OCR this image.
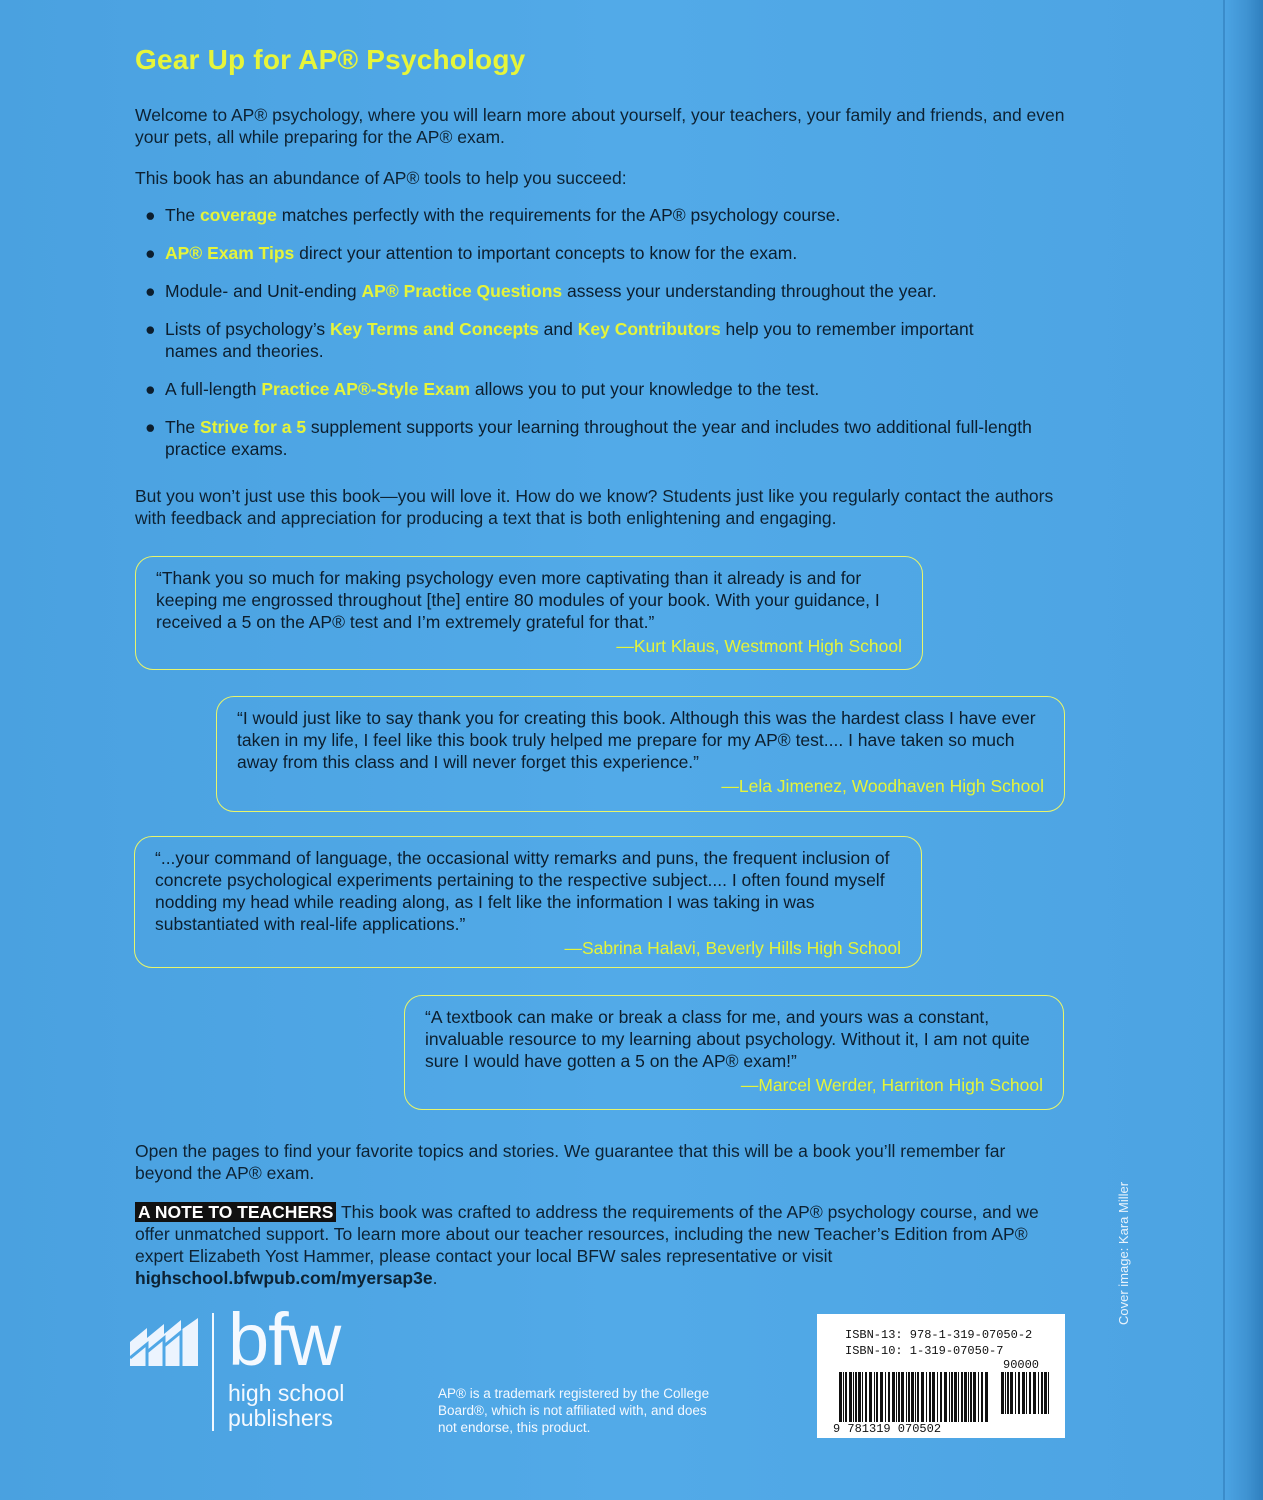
Gear Up for AP® Psychology
Welcome to AP® psychology, where you will learn more about yourself, your teachers, your family and friends, and even your pets, all while preparing for the AP® exam.
This book has an abundance of AP® tools to help you succeed:
● The coverage matches perfectly with the requirements for the AP® psychology course.
● AP® Exam Tips direct your attention to important concepts to know for the exam.
● Module- and Unit-ending AP® Practice Questions assess your understanding throughout the year.
● Lists of psychology’s Key Terms and Concepts and Key Contributors help you to remember important names and theories.
● A full-length Practice AP®-Style Exam allows you to put your knowledge to the test.
● The Strive for a 5 supplement supports your learning throughout the year and includes two additional full-length practice exams.
But you won’t just use this book—you will love it. How do we know? Students just like you regularly contact the authors with feedback and appreciation for producing a text that is both enlightening and engaging.
“Thank you so much for making psychology even more captivating than it already is and for keeping me engrossed throughout [the] entire 80 modules of your book. With your guidance, I received a 5 on the AP® test and I’m extremely grateful for that.”
—Kurt Klaus, Westmont High School
“I would just like to say thank you for creating this book. Although this was the hardest class I have ever taken in my life, I feel like this book truly helped me prepare for my AP® test.... I have taken so much away from this class and I will never forget this experience.”
—Lela Jimenez, Woodhaven High School
“...your command of language, the occasional witty remarks and puns, the frequent inclusion of concrete psychological experiments pertaining to the respective subject.... I often found myself nodding my head while reading along, as I felt like the information I was taking in was substantiated with real-life applications.”
—Sabrina Halavi, Beverly Hills High School
“A textbook can make or break a class for me, and yours was a constant, invaluable resource to my learning about psychology. Without it, I am not quite sure I would have gotten a 5 on the AP® exam!”
—Marcel Werder, Harriton High School
Open the pages to find your favorite topics and stories. We guarantee that this will be a book you’ll remember far beyond the AP® exam.
A NOTE TO TEACHERS This book was crafted to address the requirements of the AP® psychology course, and we offer unmatched support. To learn more about our teacher resources, including the new Teacher’s Edition from AP® expert Elizabeth Yost Hammer, please contact your local BFW sales representative or visit highschool.bfwpub.com/myersap3e.
bfw
high school
publishers
AP® is a trademark registered by the College Board®, which is not affiliated with, and does not endorse, this product.
ISBN-13: 978-1-319-07050-2
ISBN-10: 1-319-07050-7
90000
9 781319 070502
Cover image: Kara Miller
